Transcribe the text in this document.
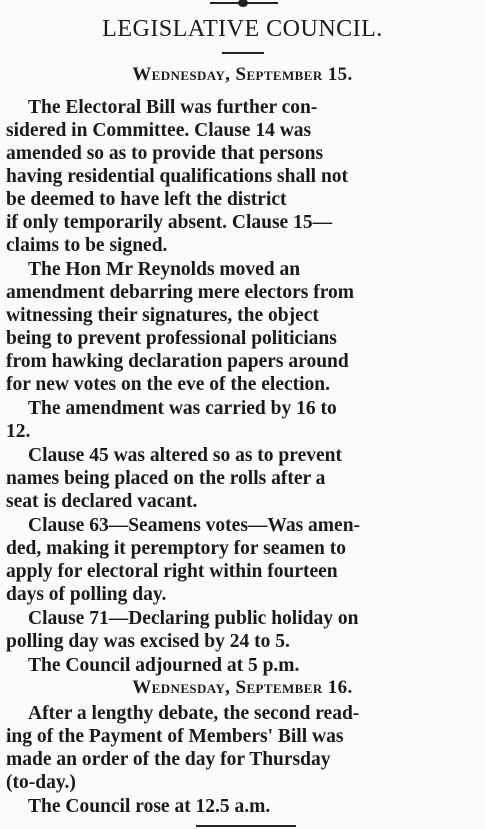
LEGISLATIVE COUNCIL.

Wednesday, September 15.

The Electoral Bill was further con-

sidered in Committee. Clause 14 was

amended so as to provide that persons

having residential qualifications shall not

be deemed to have left the district

if only temporarily absent. Clause 15—

claims to be signed.

The Hon Mr Reynolds moved an

amendment debarring mere electors from

witnessing their signatures, the object

being to prevent professional politicians

from hawking declaration papers around

for new votes on the eve of the election.

The amendment was carried by 16 to

12.

Clause 45 was altered so as to prevent

names being placed on the rolls after a

seat is declared vacant.

Clause 63—Seamens votes—Was amen-

ded, making it peremptory for seamen to

apply for electoral right within fourteen

days of polling day.

Clause 71—Declaring public holiday on

polling day was excised by 24 to 5.

The Council adjourned at 5 p.m.

Wednesday, September 16.

After a lengthy debate, the second read-

ing of the Payment of Members' Bill was

made an order of the day for Thursday

(to-day.)

The Council rose at 12.5 a.m.
